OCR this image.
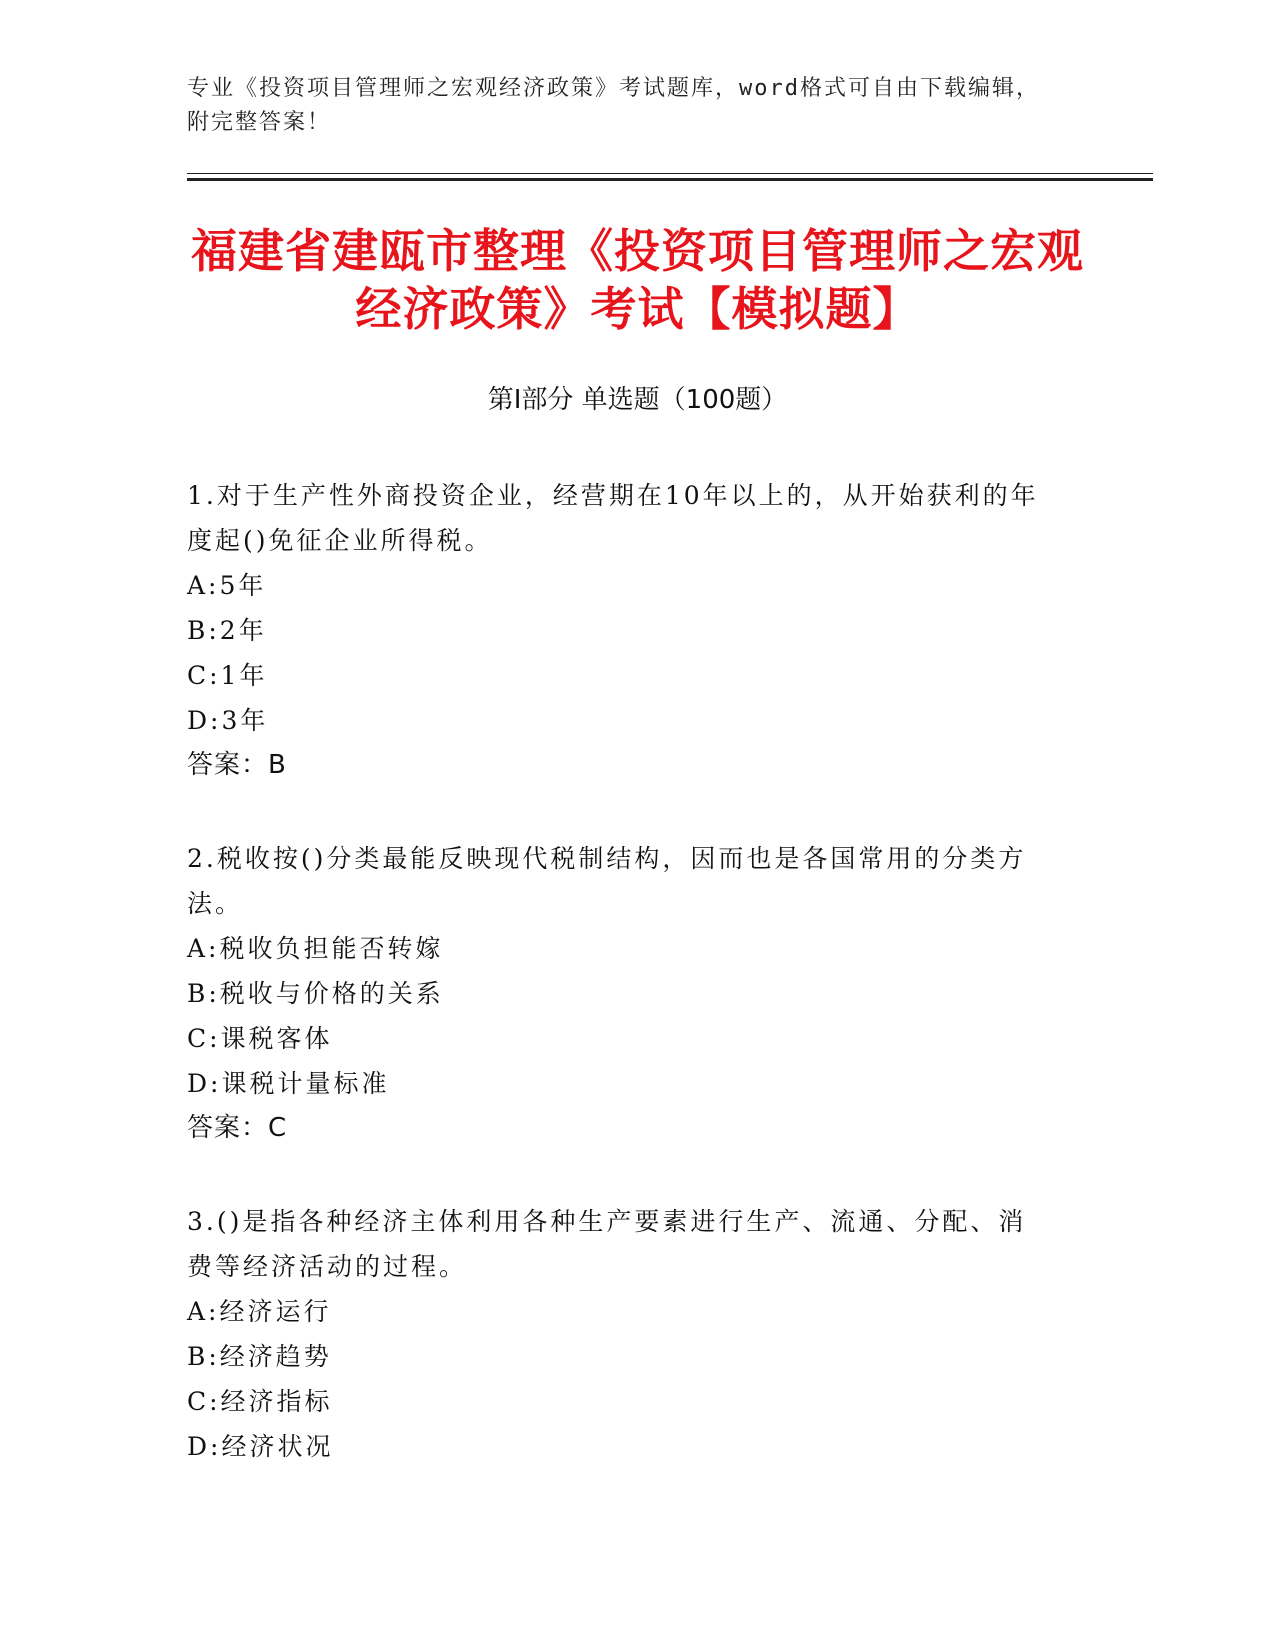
专业《投资项目管理师之宏观经济政策》考试题库，word格式可自由下载编辑，
附完整答案！
福建省建瓯市整理《投资项目管理师之宏观
经济政策》考试【模拟题】
第Ⅰ部分 单选题（100题）
1.对于生产性外商投资企业，经营期在10年以上的，从开始获利的年
度起()免征企业所得税。
A:5年
B:2年
C:1年
D:3年
答案：B
2.税收按()分类最能反映现代税制结构，因而也是各国常用的分类方
法。
A:税收负担能否转嫁
B:税收与价格的关系
C:课税客体
D:课税计量标准
答案：C
3.()是指各种经济主体利用各种生产要素进行生产、流通、分配、消
费等经济活动的过程。
A:经济运行
B:经济趋势
C:经济指标
D:经济状况
